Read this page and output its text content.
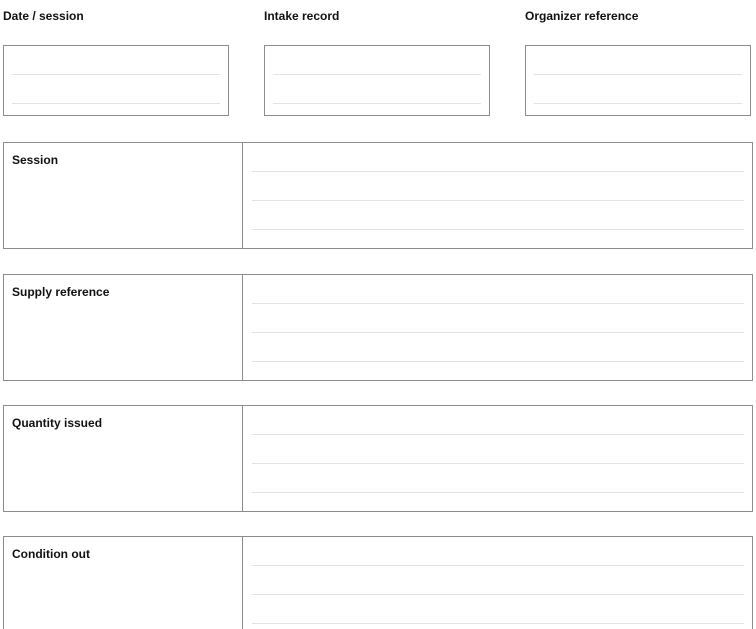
Date / session	Intake record	Organizer reference
Session
Supply reference
Quantity issued
Condition out
